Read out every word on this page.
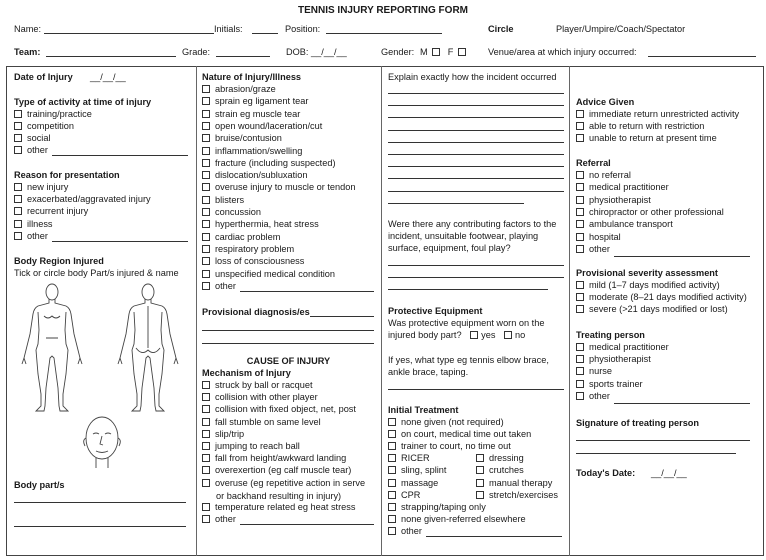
TENNIS INJURY REPORTING FORM
Name:	Initials:	Position:	Circle	Player/Umpire/Coach/Spectator
Team:	Grade:	DOB: __/__/__	Gender: M F	Venue/area at which injury occurred:
Date of Injury __/__/__
Type of activity at time of injury
training/practice
competition
social
other
Reason for presentation
new injury
exacerbated/aggravated injury
recurrent injury
illness
other
Body Region Injured
Tick or circle body Part/s injured & name
Body part/s
Nature of Injury/Illness
abrasion/graze
sprain eg ligament tear
strain eg muscle tear
open wound/laceration/cut
bruise/contusion
inflammation/swelling
fracture (including suspected)
dislocation/subluxation
overuse injury to muscle or tendon
blisters
concussion
hyperthermia, heat stress
cardiac problem
respiratory problem
loss of consciousness
unspecified medical condition
other
Provisional diagnosis/es
CAUSE OF INJURY
Mechanism of Injury
struck by ball or racquet
collision with other player
collision with fixed object, net, post
fall stumble on same level
slip/trip
jumping to reach ball
fall from height/awkward landing
overexertion (eg calf muscle tear)
overuse (eg repetitive action in serve
temperature related eg heat stress
other
or backhand resulting in injury)
Explain exactly how the incident occurred
Were there any contributing factors to the
incident, unsuitable footwear, playing
surface, equipment, foul play?
Protective Equipment
Was protective equipment worn on the
injured body part? yes no
If yes, what type eg tennis elbow brace,
ankle brace, taping.
Initial Treatment
none given (not required)
on court, medical time out taken
trainer to court, no time out
RICER	dressing
sling, splint	crutches
massage	manual therapy
CPR	stretch/exercises
strapping/taping only
none given-referred elsewhere
other
Advice Given
immediate return unrestricted activity
able to return with restriction
unable to return at present time
Referral
no referral
medical practitioner
physiotherapist
chiropractor or other professional
ambulance transport
hospital
other
Provisional severity assessment
mild (1–7 days modified activity)
moderate (8–21 days modified activity)
severe (>21 days modified or lost)
Treating person
medical practitioner
physiotherapist
nurse
sports trainer
other
Signature of treating person
Today's Date: __/__/__
